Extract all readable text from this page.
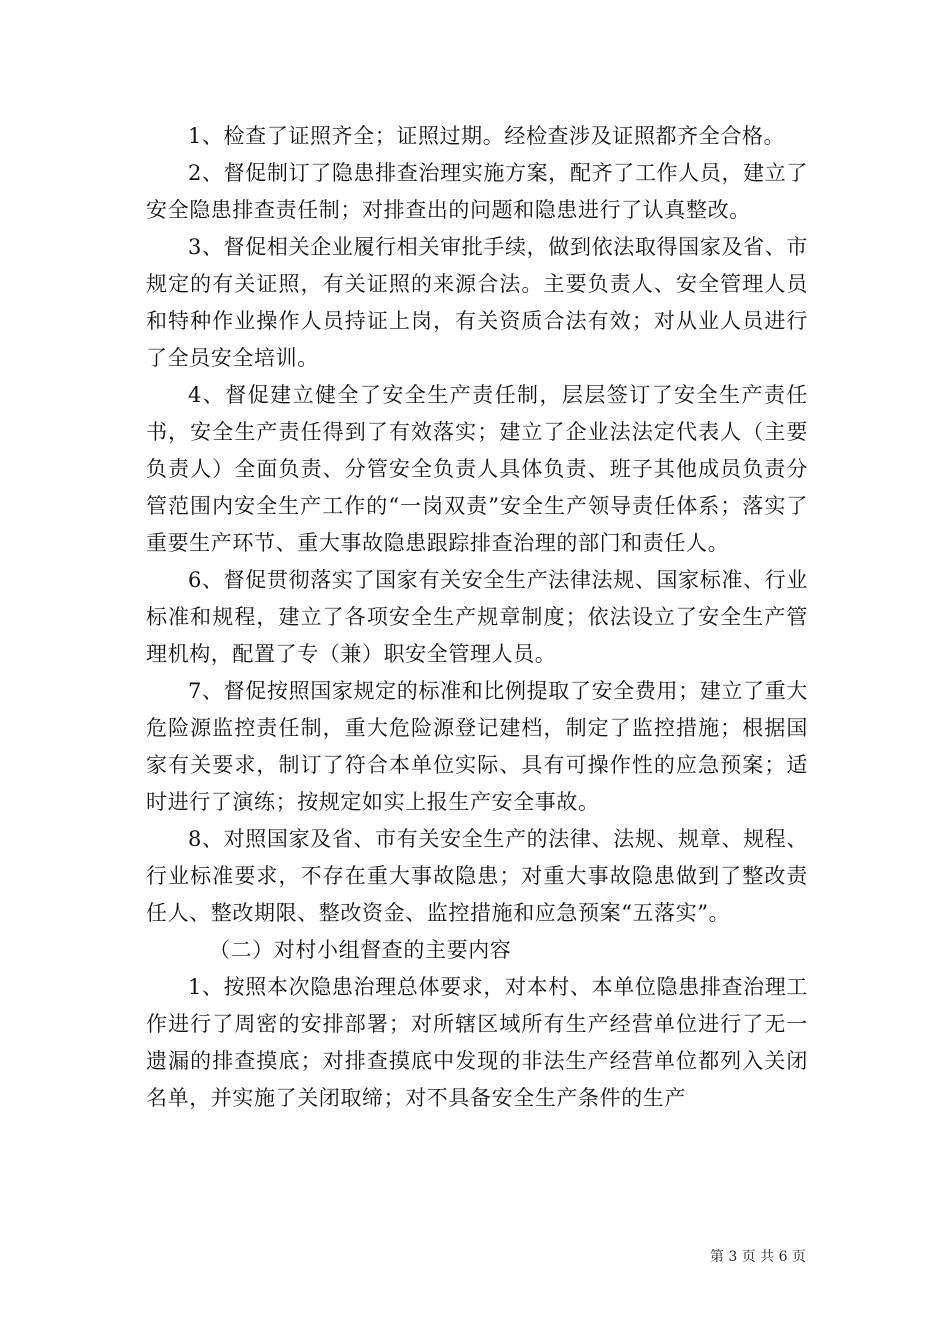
1、检查了证照齐全；证照过期。经检查涉及证照都齐全合格。

2、督促制订了隐患排查治理实施方案，配齐了工作人员，建立了安全隐患排查责任制；对排查出的问题和隐患进行了认真整改。

3、督促相关企业履行相关审批手续，做到依法取得国家及省、市规定的有关证照，有关证照的来源合法。主要负责人、安全管理人员和特种作业操作人员持证上岗，有关资质合法有效；对从业人员进行了全员安全培训。

4、督促建立健全了安全生产责任制，层层签订了安全生产责任书，安全生产责任得到了有效落实；建立了企业法法定代表人（主要负责人）全面负责、分管安全负责人具体负责、班子其他成员负责分管范围内安全生产工作的“一岗双责”安全生产领导责任体系；落实了重要生产环节、重大事故隐患跟踪排查治理的部门和责任人。

6、督促贯彻落实了国家有关安全生产法律法规、国家标准、行业标准和规程，建立了各项安全生产规章制度；依法设立了安全生产管理机构，配置了专（兼）职安全管理人员。

7、督促按照国家规定的标准和比例提取了安全费用；建立了重大危险源监控责任制，重大危险源登记建档，制定了监控措施；根据国家有关要求，制订了符合本单位实际、具有可操作性的应急预案；适时进行了演练；按规定如实上报生产安全事故。

8、对照国家及省、市有关安全生产的法律、法规、规章、规程、行业标准要求，不存在重大事故隐患；对重大事故隐患做到了整改责任人、整改期限、整改资金、监控措施和应急预案“五落实”。

（二）对村小组督查的主要内容

1、按照本次隐患治理总体要求，对本村、本单位隐患排查治理工作进行了周密的安排部署；对所辖区域所有生产经营单位进行了无一遗漏的排查摸底；对排查摸底中发现的非法生产经营单位都列入关闭名单，并实施了关闭取缔；对不具备安全生产条件的生产

第 3 页 共 6 页
